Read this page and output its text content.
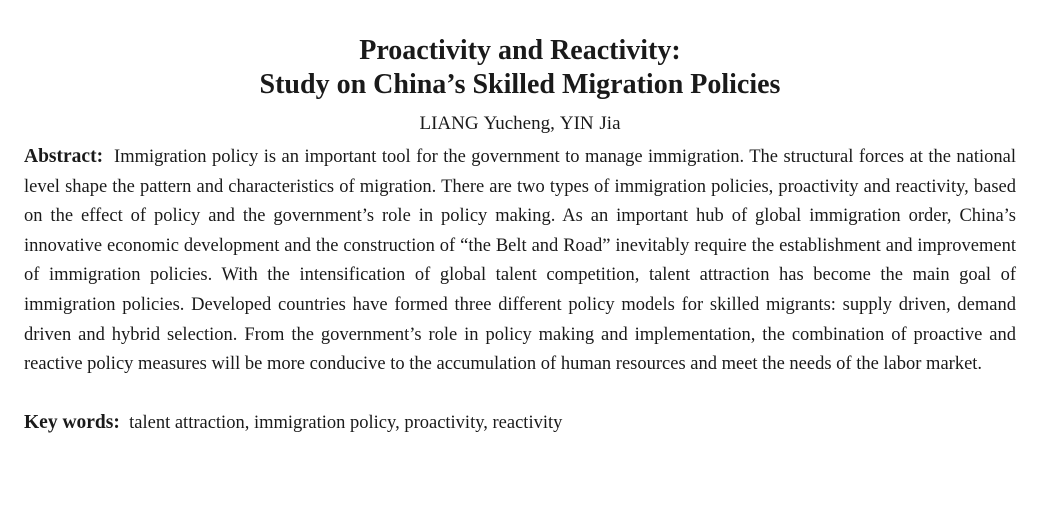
Proactivity and Reactivity:

Study on China’s Skilled Migration Policies

LIANG Yucheng, YIN Jia
Abstract: Immigration policy is an important tool for the government to manage immigration. The structural forces at the national level shape the pattern and characteristics of migration. There are two types of immigration policies, proactivity and reactivity, based on the effect of policy and the government’s role in policy making. As an important hub of global immigration order, China’s innovative economic development and the construction of “the Belt and Road” inevitably require the establishment and improvement of immigration policies. With the intensification of global talent competition, talent attraction has become the main goal of immigration policies. Developed countries have formed three different policy models for skilled migrants: supply driven, demand driven and hybrid selection. From the government’s role in policy making and implementation, the combination of proactive and reactive policy measures will be more conducive to the accumulation of human resources and meet the needs of the labor market.
Key words: talent attraction, immigration policy, proactivity, reactivity
